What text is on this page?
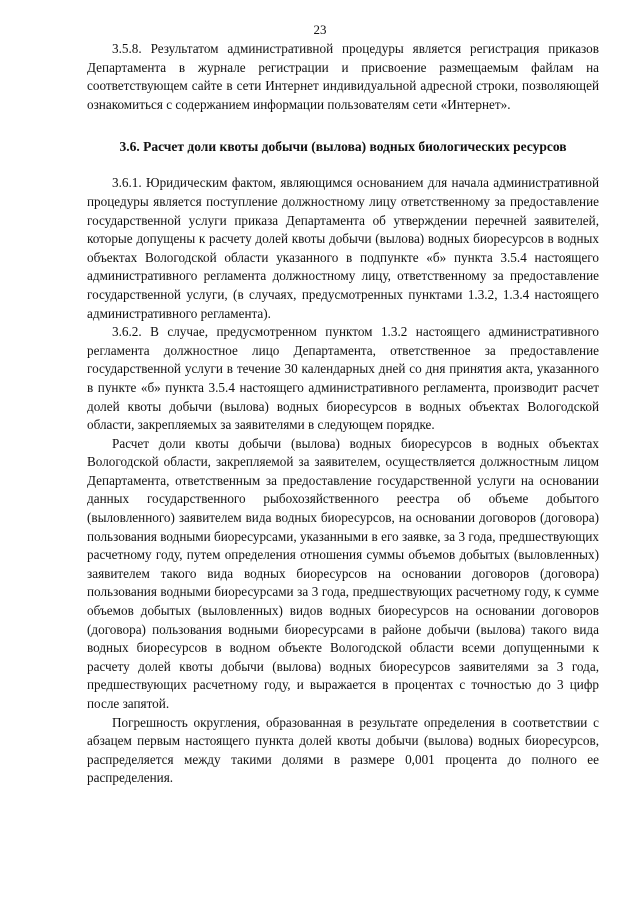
23

3.5.8. Результатом административной процедуры является регистрация приказов Департамента в журнале регистрации и присвоение размещаемым файлам на соответствующем сайте в сети Интернет индивидуальной адресной строки, позволяющей ознакомиться с содержанием информации пользователям сети «Интернет».

3.6. Расчет доли квоты добычи (вылова) водных биологических ресурсов

3.6.1. Юридическим фактом, являющимся основанием для начала административной процедуры является поступление должностному лицу ответственному за предоставление государственной услуги приказа Департамента об утверждении перечней заявителей, которые допущены к расчету долей квоты добычи (вылова) водных биоресурсов в водных объектах Вологодской области указанного в подпункте «б» пункта 3.5.4 настоящего административного регламента должностному лицу, ответственному за предоставление государственной услуги, (в случаях, предусмотренных пунктами 1.3.2, 1.3.4 настоящего административного регламента).

3.6.2. В случае, предусмотренном пунктом 1.3.2 настоящего административного регламента должностное лицо Департамента, ответственное за предоставление государственной услуги в течение 30 календарных дней со дня принятия акта, указанного в пункте «б» пункта 3.5.4 настоящего административного регламента, производит расчет долей квоты добычи (вылова) водных биоресурсов в водных объектах Вологодской области, закрепляемых за заявителями в следующем порядке.

Расчет доли квоты добычи (вылова) водных биоресурсов в водных объектах Вологодской области, закрепляемой за заявителем, осуществляется должностным лицом Департамента, ответственным за предоставление государственной услуги на основании данных государственного рыбохозяйственного реестра об объеме добытого (выловленного) заявителем вида водных биоресурсов, на основании договоров (договора) пользования водными биоресурсами, указанными в его заявке, за 3 года, предшествующих расчетному году, путем определения отношения суммы объемов добытых (выловленных) заявителем такого вида водных биоресурсов на основании договоров (договора) пользования водными биоресурсами за 3 года, предшествующих расчетному году, к сумме объемов добытых (выловленных) видов водных биоресурсов на основании договоров (договора) пользования водными биоресурсами в районе добычи (вылова) такого вида водных биоресурсов в водном объекте Вологодской области всеми допущенными к расчету долей квоты добычи (вылова) водных биоресурсов заявителями за 3 года, предшествующих расчетному году, и выражается в процентах с точностью до 3 цифр после запятой.

Погрешность округления, образованная в результате определения в соответствии с абзацем первым настоящего пункта долей квоты добычи (вылова) водных биоресурсов, распределяется между такими долями в размере 0,001 процента до полного ее распределения.
